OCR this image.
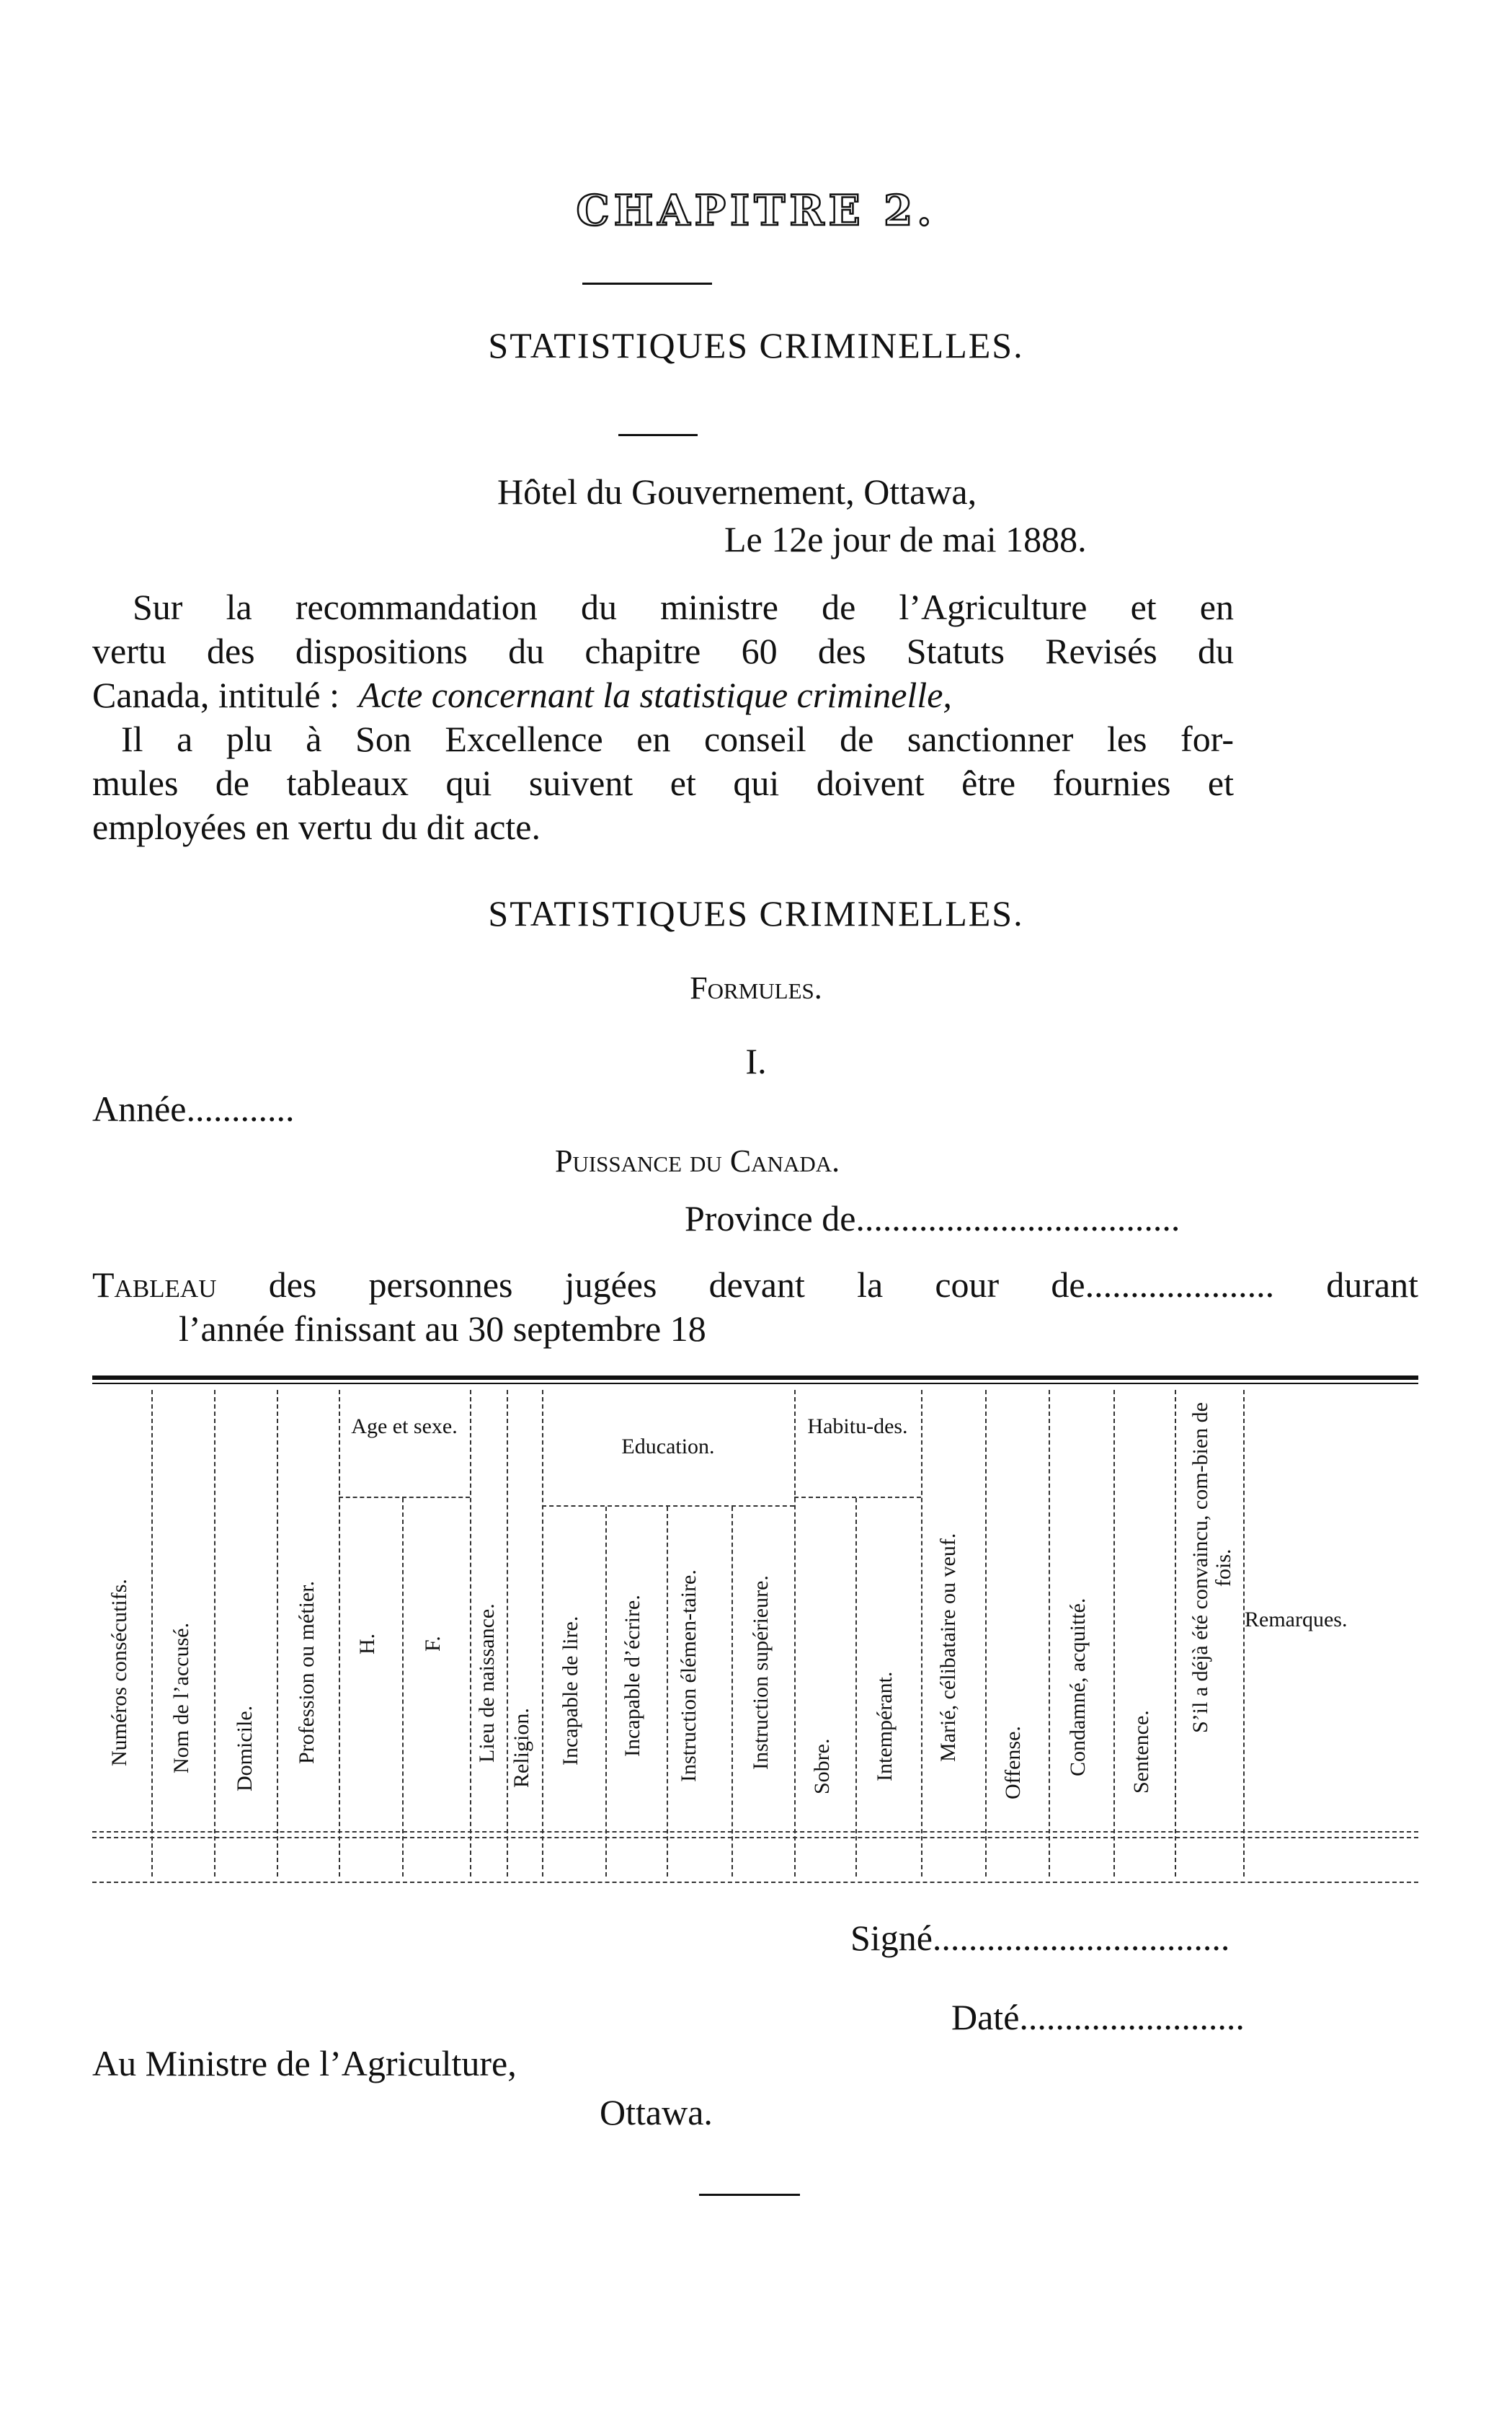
CHAPITRE 2.
STATISTIQUES CRIMINELLES.
Hôtel du Gouvernement, Ottawa,
Le 12e jour de mai 1888.
Sur la recommandation du ministre de l’Agriculture et en
vertu des dispositions du chapitre 60 des Statuts Revisés du
Canada, intitulé : Acte concernant la statistique criminelle,
Il a plu à Son Excellence en conseil de sanctionner les for-
mules de tableaux qui suivent et qui doivent être fournies et
employées en vertu du dit acte.
STATISTIQUES CRIMINELLES.
Formules.
I.
Année............
Puissance du Canada.
Province de....................................
Tableau des personnes jugées devant la cour de..................... durant
l’année finissant au 30 septembre 18
Age et sexe.
Education.
Habitu-des.
Numéros consécutifs. Nom de l’accusé. Domicile. Profession ou métier. H. F. Lieu de naissance. Religion. Incapable de lire. Incapable d’écrire. Instruction élémen-taire.	Instruction supérieure. Sobre. Intempérant. Marié, célibataire ou veuf.
Offense. Condamné, acquitté. Sentence.
S’il a déjà été convaincu, com-bien de fois.
Remarques.
Signé.................................
Daté.........................
Au Ministre de l’Agriculture,
Ottawa.
